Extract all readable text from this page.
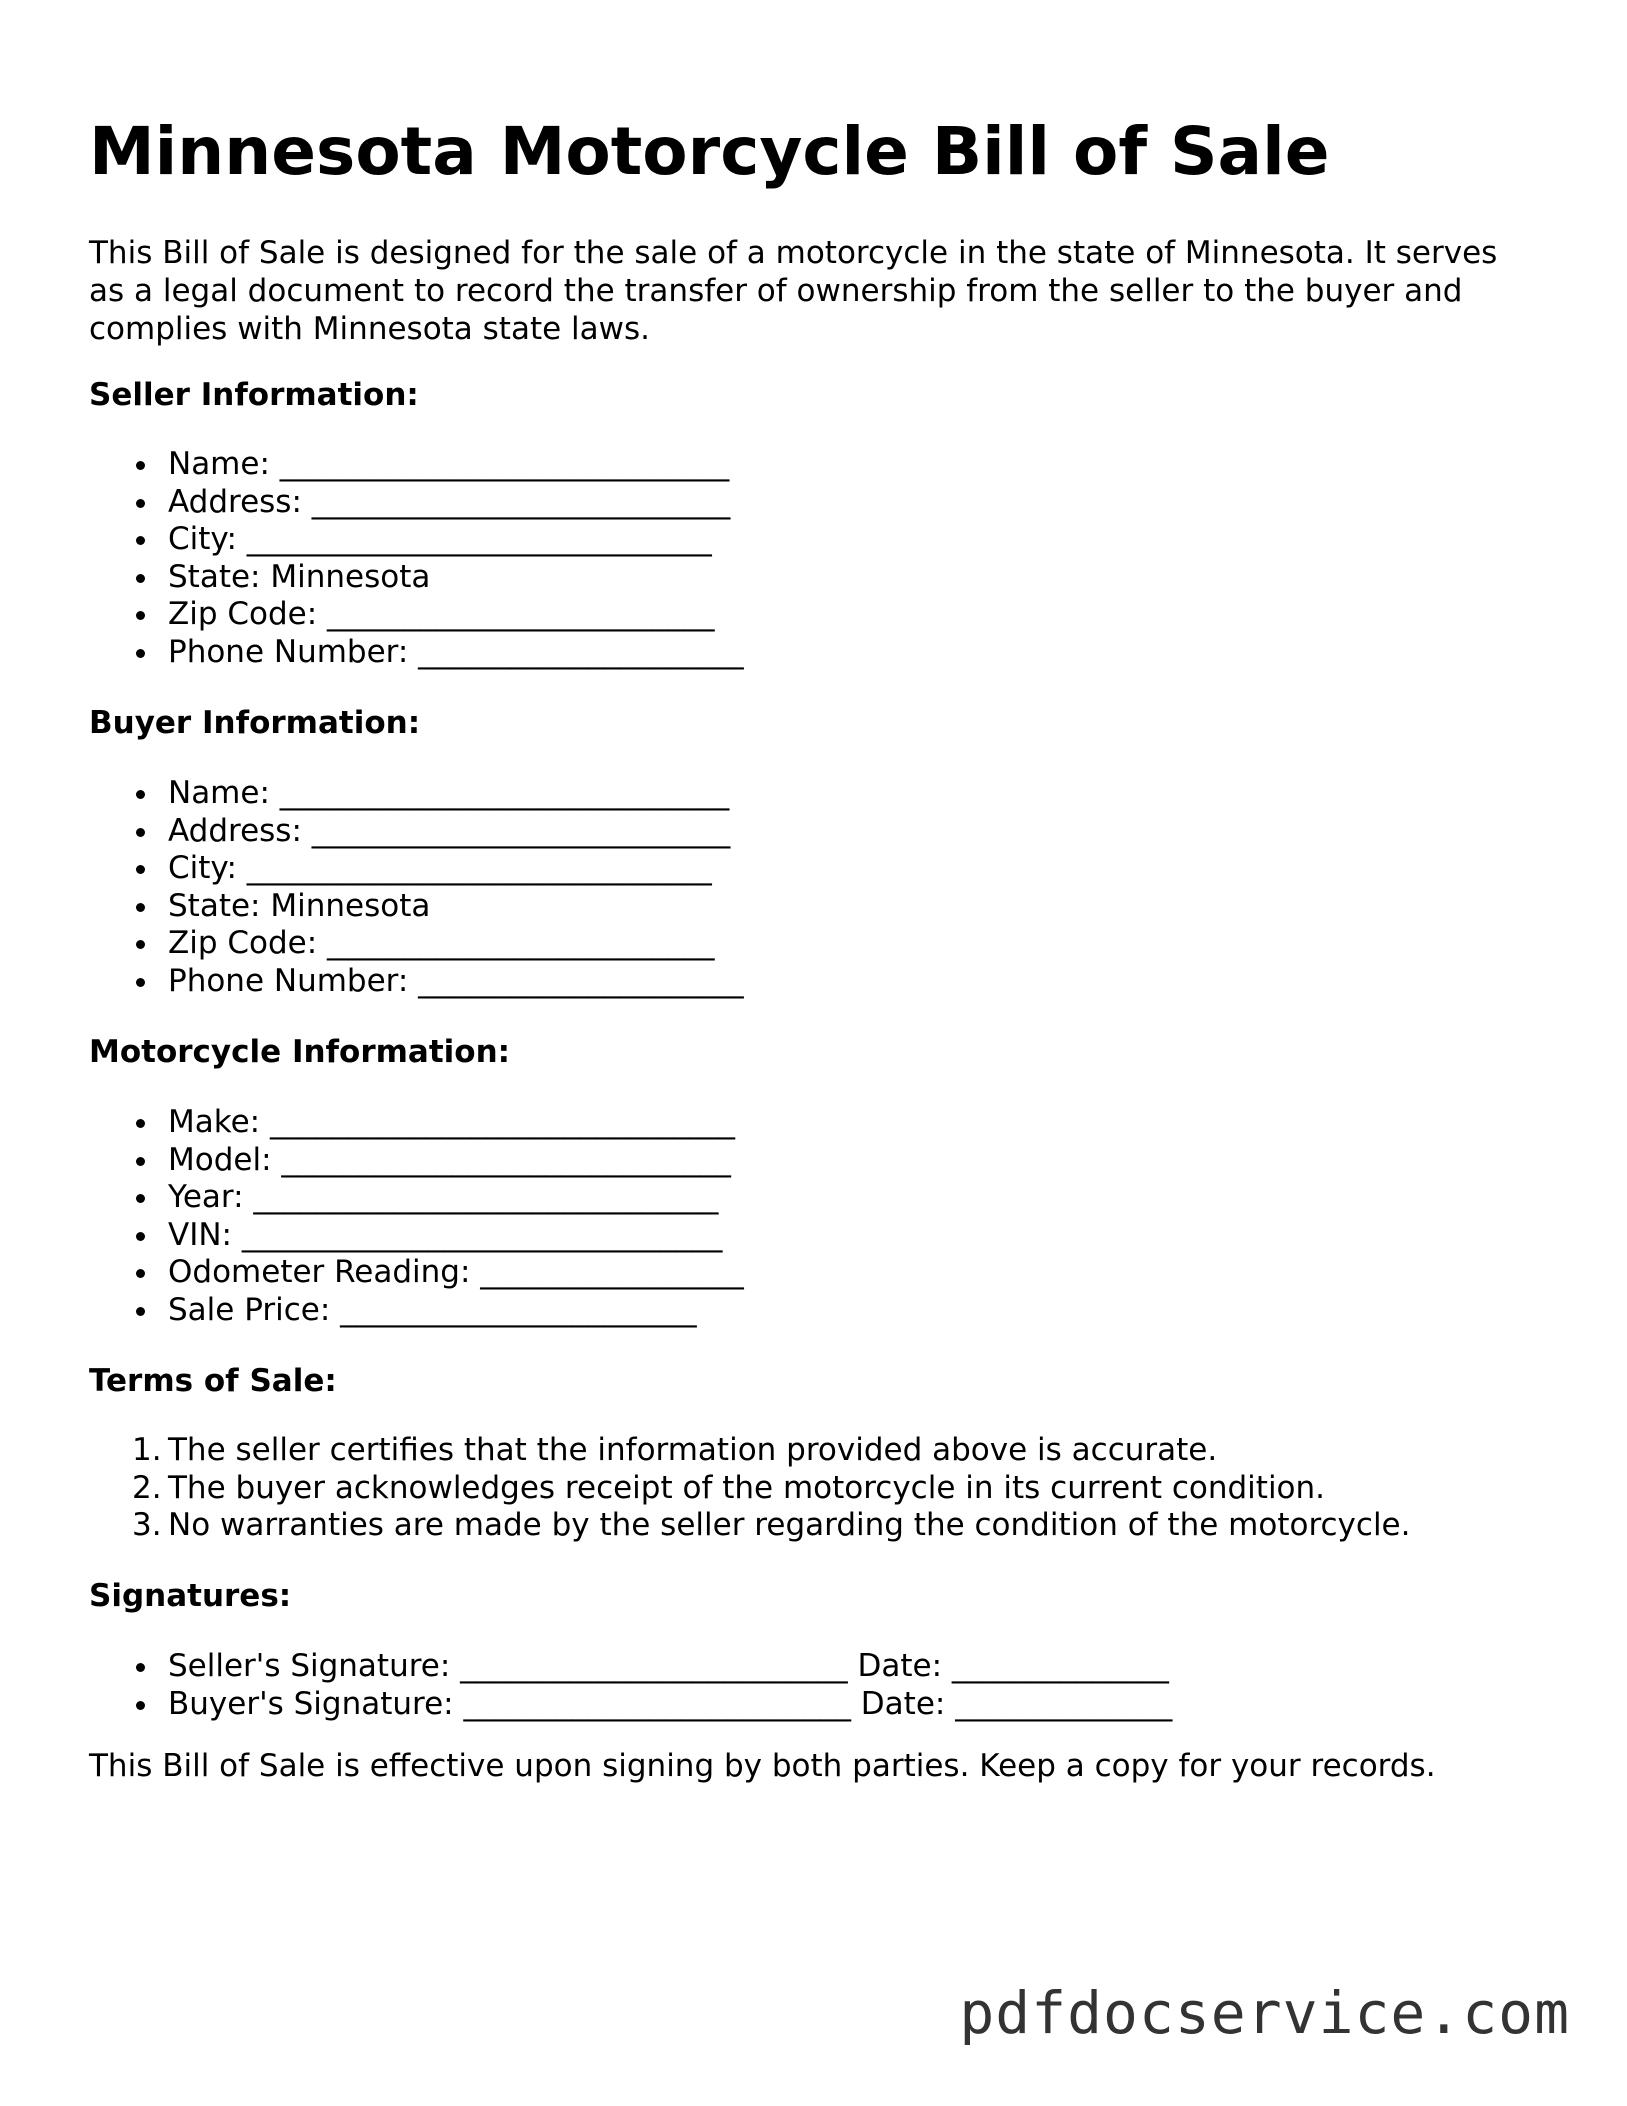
Minnesota Motorcycle Bill of Sale

This Bill of Sale is designed for the sale of a motorcycle in the state of Minnesota. It serves as a legal document to record the transfer of ownership from the seller to the buyer and complies with Minnesota state laws.

Seller Information:
Name: _____________________________
Address: ___________________________
City: ______________________________
State: Minnesota
Zip Code: _________________________
Phone Number: _____________________
Buyer Information:
Name: _____________________________
Address: ___________________________
City: ______________________________
State: Minnesota
Zip Code: _________________________
Phone Number: _____________________
Motorcycle Information:
Make: ______________________________
Model: _____________________________
Year: ______________________________
VIN: _______________________________
Odometer Reading: _________________
Sale Price: _______________________
Terms of Sale:
1. The seller certifies that the information provided above is accurate.
2. The buyer acknowledges receipt of the motorcycle in its current condition.
3. No warranties are made by the seller regarding the condition of the motorcycle.
Signatures:
Seller's Signature: _________________________ Date: ______________
Buyer's Signature: _________________________ Date: ______________

This Bill of Sale is effective upon signing by both parties. Keep a copy for your records.

pdfdocservice.com
